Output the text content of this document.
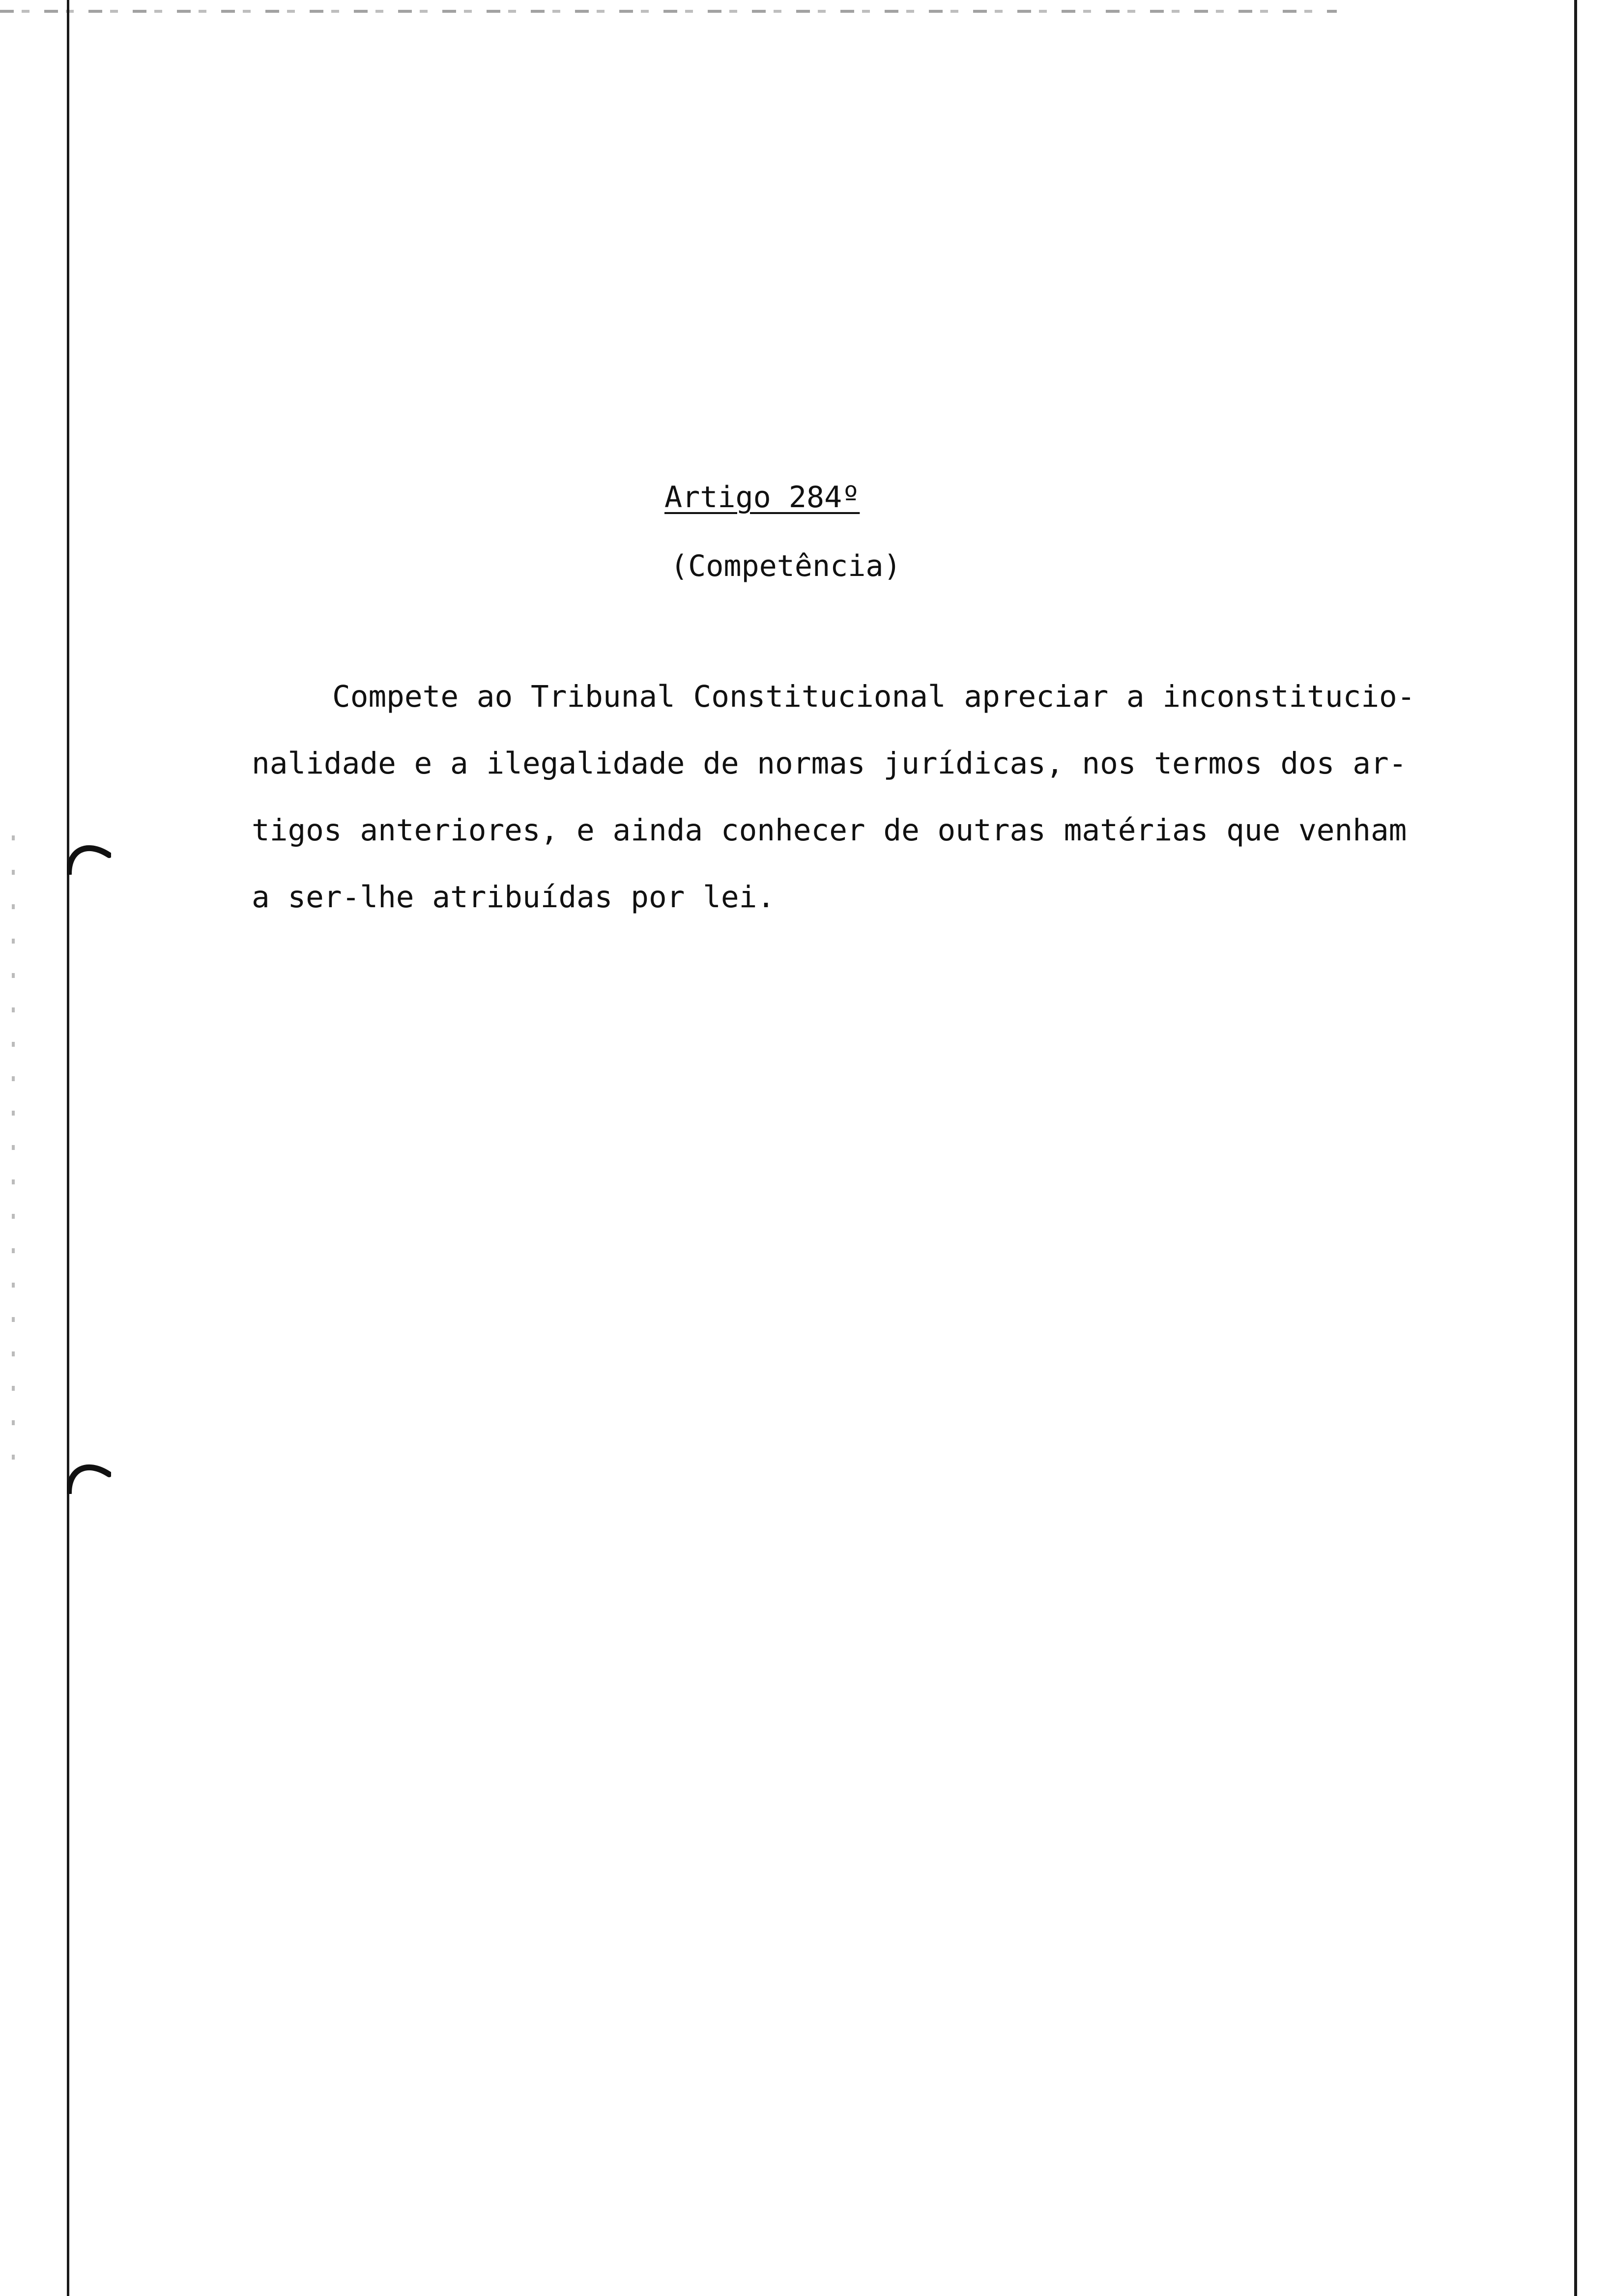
Artigo 284º
(Competência)
Compete ao Tribunal Constitucional apreciar a inconstitucio-
nalidade e a ilegalidade de normas jurídicas, nos termos dos ar-
tigos anteriores, e ainda conhecer de outras matérias que venham
a ser-lhe atribuídas por lei.
